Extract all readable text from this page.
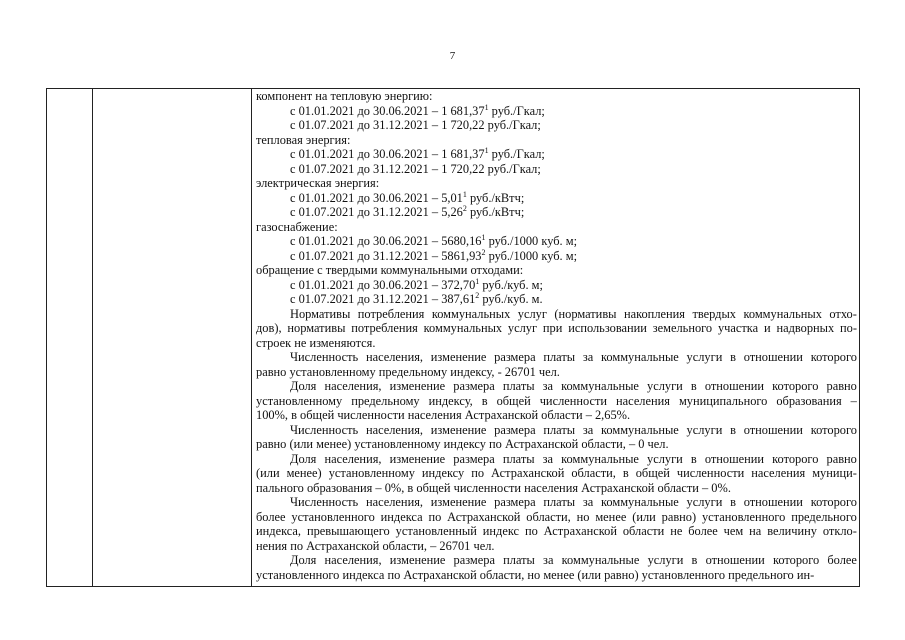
7
компонент на тепловую энергию:
с 01.01.2021 до 30.06.2021 – 1 681,37$^1$ руб./Гкал;
с 01.07.2021 до 31.12.2021 – 1 720,22 руб./Гкал;
тепловая энергия:
с 01.01.2021 до 30.06.2021 – 1 681,37$^1$ руб./Гкал;
с 01.07.2021 до 31.12.2021 – 1 720,22 руб./Гкал;
электрическая энергия:
с 01.01.2021 до 30.06.2021 – 5,01$^1$ руб./кВтч;
с 01.07.2021 до 31.12.2021 – 5,26$^2$ руб./кВтч;
газоснабжение:
с 01.01.2021 до 30.06.2021 – 5680,16$^1$ руб./1000 куб. м;
с 01.07.2021 до 31.12.2021 – 5861,93$^2$ руб./1000 куб. м;
обращение с твердыми коммунальными отходами:
с 01.01.2021 до 30.06.2021 – 372,70$^1$ руб./куб. м;
с 01.07.2021 до 31.12.2021 – 387,61$^2$ руб./куб. м.
Нормативы потребления коммунальных услуг (нормативы накопления твердых коммунальных отхо-
дов), нормативы потребления коммунальных услуг при использовании земельного участка и надворных по-
строек не изменяются.
Численность населения, изменение размера платы за коммунальные услуги в отношении которого
равно установленному предельному индексу, - 26701 чел.
Доля населения, изменение размера платы за коммунальные услуги в отношении которого равно
установленному предельному индексу, в общей численности населения муниципального образования –
100%, в общей численности населения Астраханской области – 2,65%.
Численность населения, изменение размера платы за коммунальные услуги в отношении которого
равно (или менее) установленному индексу по Астраханской области, – 0 чел.
Доля населения, изменение размера платы за коммунальные услуги в отношении которого равно
(или менее) установленному индексу по Астраханской области, в общей численности населения муници-
пального образования – 0%, в общей численности населения Астраханской области – 0%.
Численность населения, изменение размера платы за коммунальные услуги в отношении которого
более установленного индекса по Астраханской области, но менее (или равно) установленного предельного
индекса, превышающего установленный индекс по Астраханской области не более чем на величину откло-
нения по Астраханской области, – 26701 чел.
Доля населения, изменение размера платы за коммунальные услуги в отношении которого более
установленного индекса по Астраханской области, но менее (или равно) установленного предельного ин-
